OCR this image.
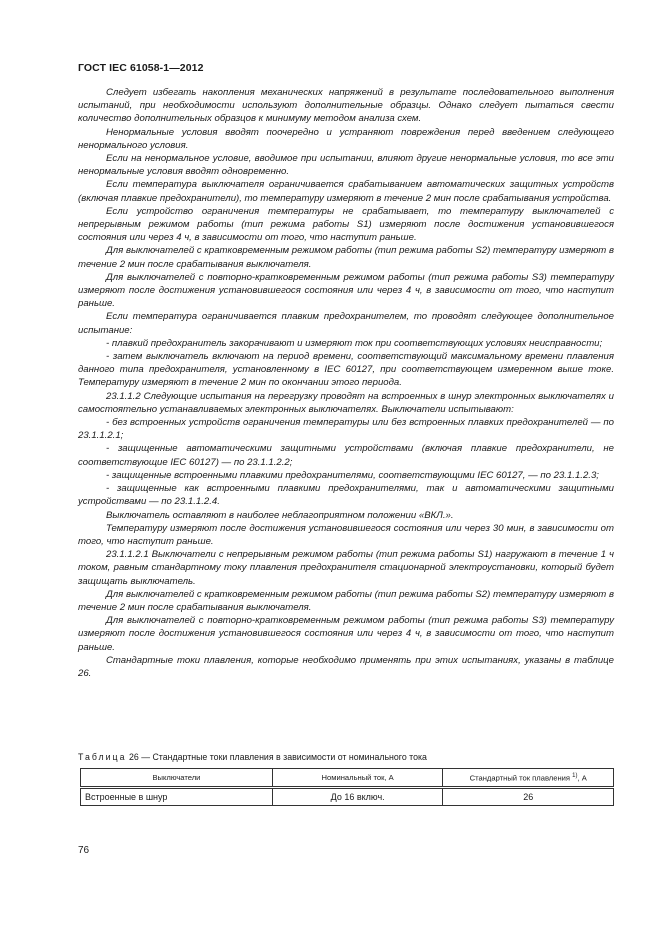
ГОСТ IEC 61058-1—2012

Следует избегать накопления механических напряжений в результате последовательного выполнения испытаний, при необходимости используют дополнительные образцы. Однако следует пытаться свести количество дополнительных образцов к минимуму методом анализа схем.

Ненормальные условия вводят поочередно и устраняют повреждения перед введением следующего ненормального условия.

Если на ненормальное условие, вводимое при испытании, влияют другие ненормальные условия, то все эти ненормальные условия вводят одновременно.

Если температура выключателя ограничивается срабатыванием автоматических защитных устройств (включая плавкие предохранители), то температуру измеряют в течение 2 мин после срабатывания устройства.

Если устройство ограничения температуры не срабатывает, то температуру выключателей с непрерывным режимом работы (тип режима работы S1) измеряют после достижения установившегося состояния или через 4 ч, в зависимости от того, что наступит раньше.

Для выключателей с кратковременным режимом работы (тип режима работы S2) температуру измеряют в течение 2 мин после срабатывания выключателя.

Для выключателей с повторно-кратковременным режимом работы (тип режима работы S3) температуру измеряют после достижения установившегося состояния или через 4 ч, в зависимости от того, что наступит раньше.

Если температура ограничивается плавким предохранителем, то проводят следующее дополнительное испытание:

- плавкий предохранитель закорачивают и измеряют ток при соответствующих условиях неисправности;

- затем выключатель включают на период времени, соответствующий максимальному времени плавления данного типа предохранителя, установленному в IEC 60127, при соответствующем измеренном выше токе. Температуру измеряют в течение 2 мин по окончании этого периода.

23.1.1.2 Следующие испытания на перегрузку проводят на встроенных в шнур электронных выключателях и самостоятельно устанавливаемых электронных выключателях. Выключатели испытывают:

- без встроенных устройств ограничения температуры или без встроенных плавких предохранителей — по 23.1.1.2.1;

- защищенные автоматическими защитными устройствами (включая плавкие предохранители, не соответствующие IEC 60127) — по 23.1.1.2.2;

- защищенные встроенными плавкими предохранителями, соответствующими IEC 60127, — по 23.1.1.2.3;

- защищенные как встроенными плавкими предохранителями, так и автоматическими защитными устройствами — по 23.1.1.2.4.

Выключатель оставляют в наиболее неблагоприятном положении «ВКЛ.».

Температуру измеряют после достижения установившегося состояния или через 30 мин, в зависимости от того, что наступит раньше.

23.1.1.2.1 Выключатели с непрерывным режимом работы (тип режима работы S1) нагружают в течение 1 ч током, равным стандартному току плавления предохранителя стационарной электроустановки, который будет защищать выключатель.

Для выключателей с кратковременным режимом работы (тип режима работы S2) температуру измеряют в течение 2 мин после срабатывания выключателя.

Для выключателей с повторно-кратковременным режимом работы (тип режима работы S3) температуру измеряют после достижения установившегося состояния или через 4 ч, в зависимости от того, что наступит раньше.

Стандартные токи плавления, которые необходимо применять при этих испытаниях, указаны в таблице 26.

Таблица 26 — Стандартные токи плавления в зависимости от номинального тока
Выключатели	Номинальный ток, А	Стандартный ток плавления $^{1)}$, А
Встроенные в шнур	До 16 включ.	26
76
